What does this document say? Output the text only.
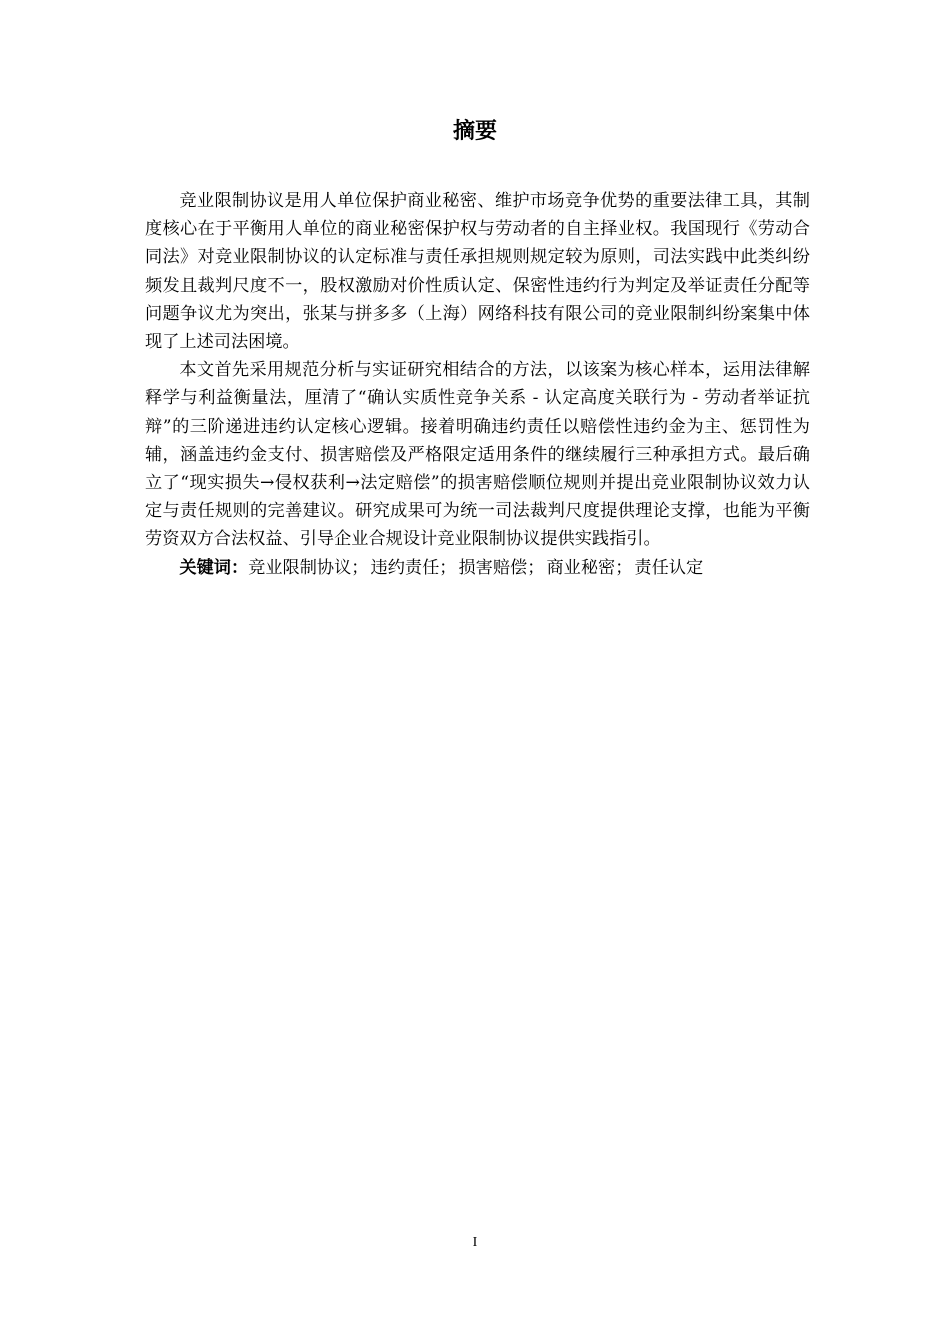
摘要

竞业限制协议是用人单位保护商业秘密、维护市场竞争优势的重要法律工具，其制度核心在于平衡用人单位的商业秘密保护权与劳动者的自主择业权。我国现行《劳动合同法》对竞业限制协议的认定标准与责任承担规则规定较为原则，司法实践中此类纠纷频发且裁判尺度不一，股权激励对价性质认定、保密性违约行为判定及举证责任分配等问题争议尤为突出，张某与拼多多（上海）网络科技有限公司的竞业限制纠纷案集中体现了上述司法困境。

本文首先采用规范分析与实证研究相结合的方法，以该案为核心样本，运用法律解释学与利益衡量法，厘清了“确认实质性竞争关系 - 认定高度关联行为 - 劳动者举证抗辩”的三阶递进违约认定核心逻辑。接着明确违约责任以赔偿性违约金为主、惩罚性为辅，涵盖违约金支付、损害赔偿及严格限定适用条件的继续履行三种承担方式。最后确立了“现实损失→侵权获利→法定赔偿”的损害赔偿顺位规则并提出竞业限制协议效力认定与责任规则的完善建议。研究成果可为统一司法裁判尺度提供理论支撑，也能为平衡劳资双方合法权益、引导企业合规设计竞业限制协议提供实践指引。

关键词：竞业限制协议； 违约责任； 损害赔偿； 商业秘密； 责任认定

I
